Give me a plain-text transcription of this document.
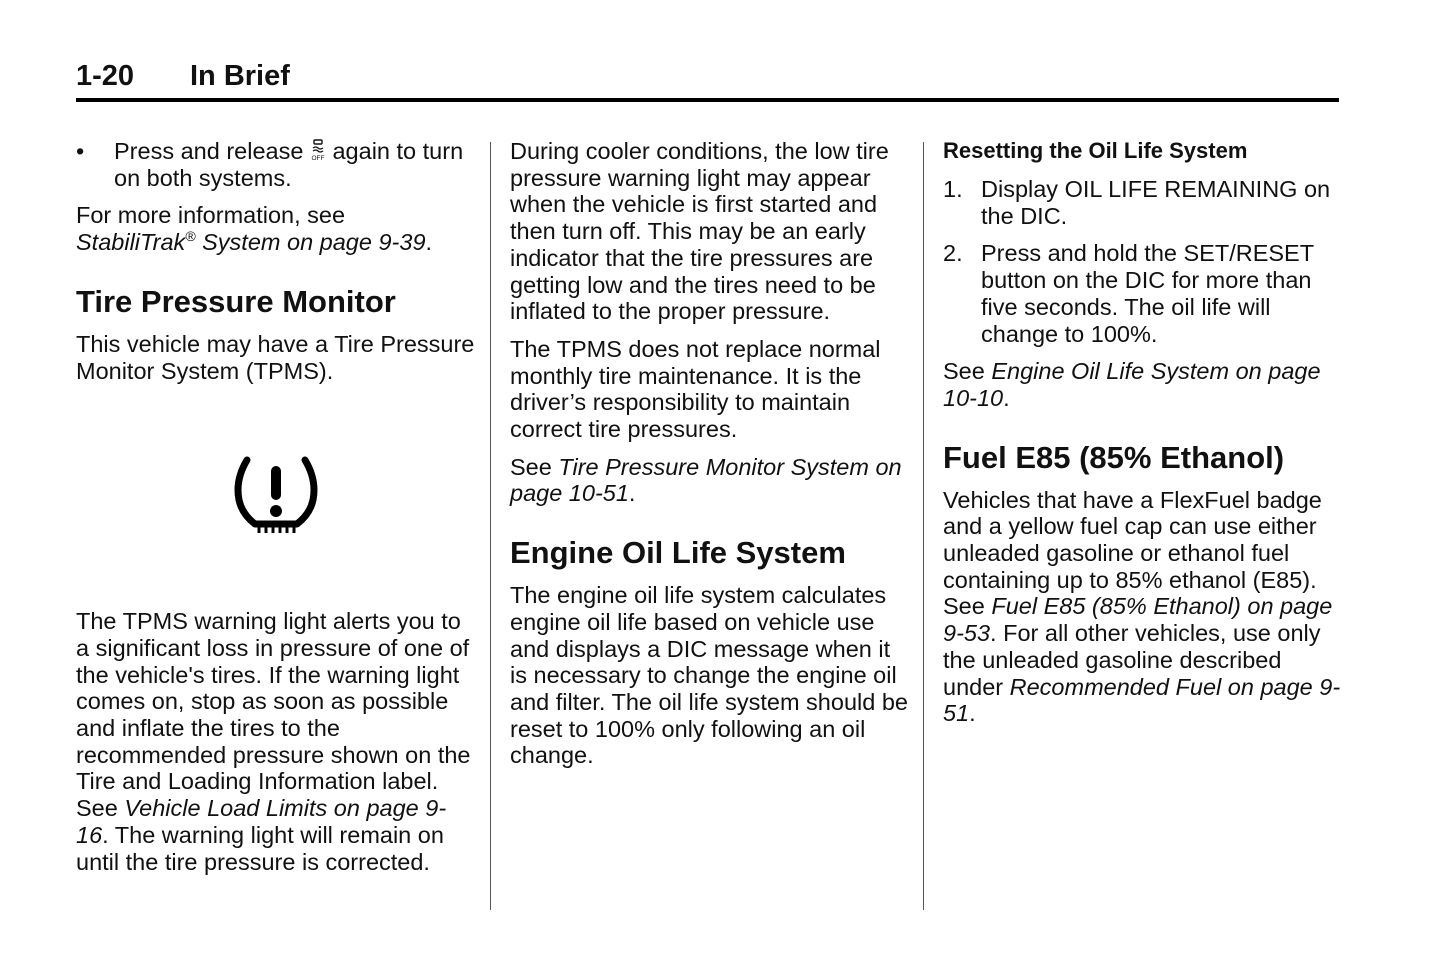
1-20 In Brief
•	Press and release OFF again to turn on both systems.

For more information, see
StabiliTrak® System on page 9-39.

Tire Pressure Monitor

This vehicle may have a Tire Pressure Monitor System (TPMS).

The TPMS warning light alerts you to a significant loss in pressure of one of the vehicle's tires. If the warning light comes on, stop as soon as possible and inflate the tires to the recommended pressure shown on the Tire and Loading Information label. See Vehicle Load Limits on page 9-16. The warning light will remain on until the tire pressure is corrected.

During cooler conditions, the low tire pressure warning light may appear when the vehicle is first started and then turn off. This may be an early indicator that the tire pressures are getting low and the tires need to be inflated to the proper pressure.

The TPMS does not replace normal monthly tire maintenance. It is the driver’s responsibility to maintain correct tire pressures.

See Tire Pressure Monitor System on page 10-51.

Engine Oil Life System

The engine oil life system calculates engine oil life based on vehicle use and displays a DIC message when it is necessary to change the engine oil and filter. The oil life system should be reset to 100% only following an oil change.

Resetting the Oil Life System
1. Display OIL LIFE REMAINING on the DIC.
2. Press and hold the SET/RESET button on the DIC for more than five seconds. The oil life will change to 100%.

See Engine Oil Life System on page 10-10.

Fuel E85 (85% Ethanol)

Vehicles that have a FlexFuel badge and a yellow fuel cap can use either unleaded gasoline or ethanol fuel containing up to 85% ethanol (E85). See Fuel E85 (85% Ethanol) on page 9-53. For all other vehicles, use only the unleaded gasoline described under Recommended Fuel on page 9-51.
